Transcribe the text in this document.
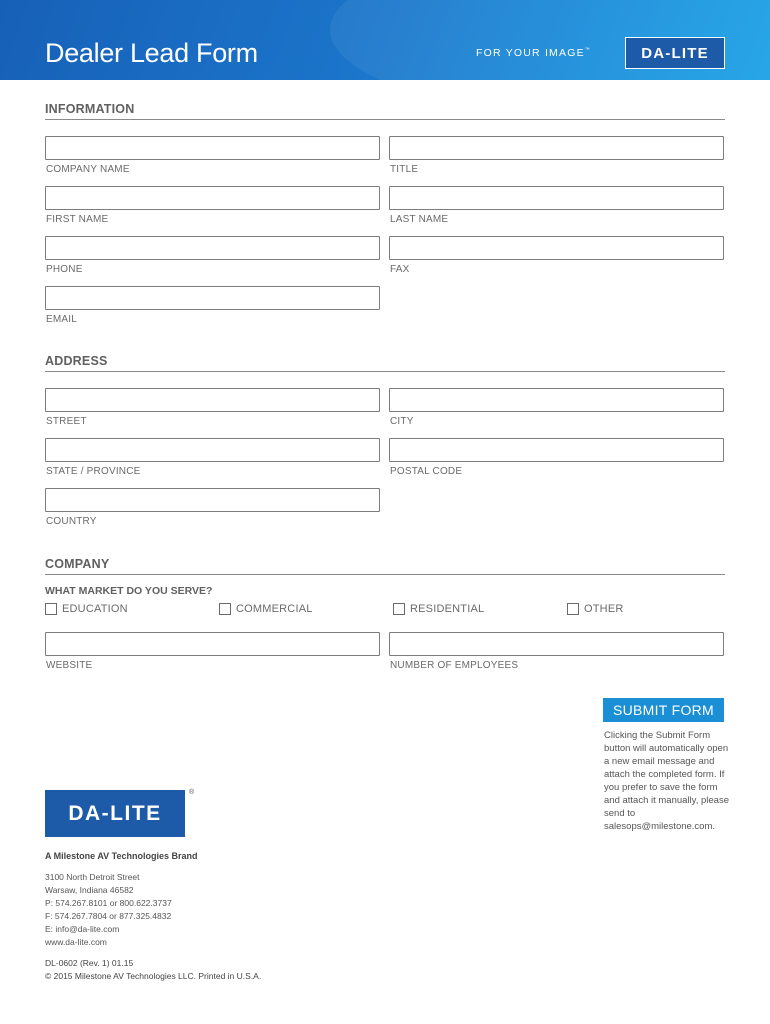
Dealer Lead Form	FOR YOUR IMAGE™	DA-LITE
INFORMATION
COMPANY NAME	TITLE
FIRST NAME	LAST NAME
PHONE	FAX
EMAIL
ADDRESS
STREET	CITY
STATE / PROVINCE	POSTAL CODE
COUNTRY
COMPANY
WHAT MARKET DO YOU SERVE?
EDUCATION	COMMERCIAL	RESIDENTIAL	OTHER
WEBSITE	NUMBER OF EMPLOYEES
SUBMIT FORM
Clicking the Submit Form button will automatically open a new email message and attach the completed form. If you prefer to save the form and attach it manually, please send to salesops@milestone.com.
DA-LITE
®
A Milestone AV Technologies Brand
3100 North Detroit Street
Warsaw, Indiana 46582
P: 574.267.8101 or 800.622.3737
F: 574.267.7804 or 877.325.4832
E: info@da-lite.com
www.da-lite.com
DL-0602 (Rev. 1) 01.15
© 2015 Milestone AV Technologies LLC. Printed in U.S.A.
